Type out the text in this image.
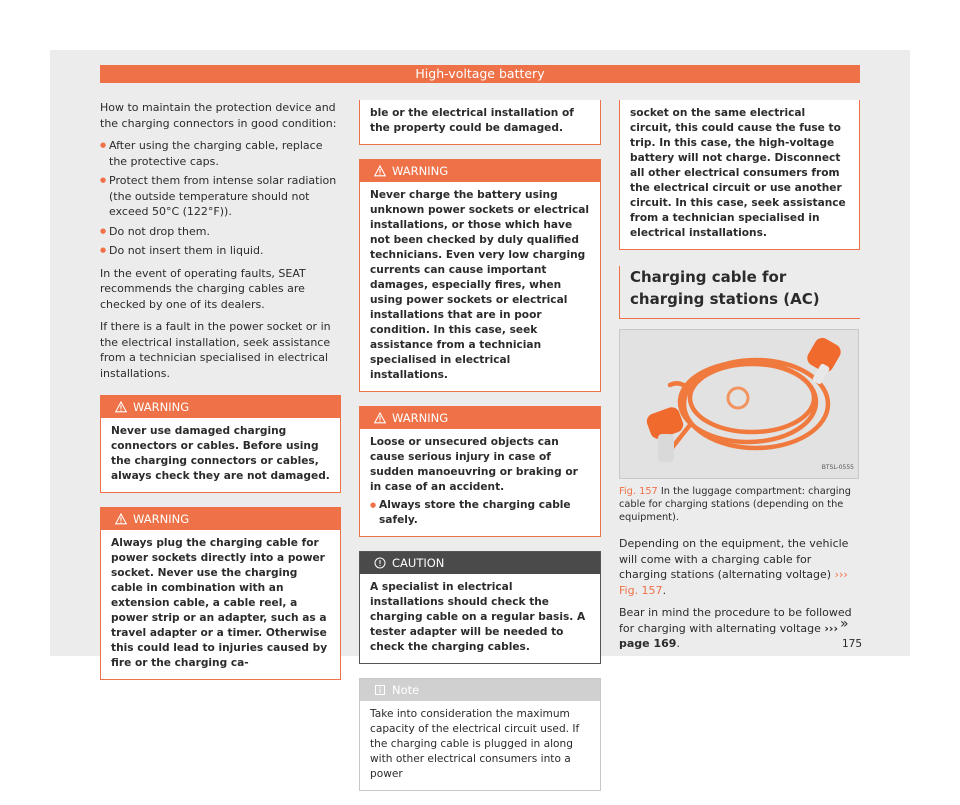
High-voltage battery

How to maintain the protection device and the charging connectors in good condition:

● After using the charging cable, replace the protective caps.
● Protect them from intense solar radiation (the outside temperature should not exceed 50°C (122°F)).
● Do not drop them.
● Do not insert them in liquid.

In the event of operating faults, SEAT recommends the charging cables are checked by one of its dealers.

If there is a fault in the power socket or in the electrical installation, seek assistance from a technician specialised in electrical installations.

WARNING
Never use damaged charging connectors or cables. Before using the charging connectors or cables, always check they are not damaged.
WARNING
Always plug the charging cable for power sockets directly into a power socket. Never use the charging cable in combination with an extension cable, a cable reel, a power strip or an adapter, such as a travel adapter or a timer. Otherwise this could lead to injuries caused by fire or the charging ca-
ble or the electrical installation of the property could be damaged.
WARNING
Never charge the battery using unknown power sockets or electrical installations, or those which have not been checked by duly qualified technicians. Even very low charging currents can cause important damages, especially fires, when using power sockets or electrical installations that are in poor condition. In this case, seek assistance from a technician specialised in electrical installations.
WARNING
Loose or unsecured objects can cause serious injury in case of sudden manoeuvring or braking or in case of an accident.
● Always store the charging cable safely.
CAUTION
A specialist in electrical installations should check the charging cable on a regular basis. A tester adapter will be needed to check the charging cables.
Note
Take into consideration the maximum capacity of the electrical circuit used. If the charging cable is plugged in along with other electrical consumers into a power
socket on the same electrical circuit, this could cause the fuse to trip. In this case, the high-voltage battery will not charge. Disconnect all other electrical consumers from the electrical circuit or use another circuit. In this case, seek assistance from a technician specialised in electrical installations.
Charging cable for charging stations (AC)
BTSL-0555
Fig. 157 In the luggage compartment: charging cable for charging stations (depending on the equipment).

Depending on the equipment, the vehicle will come with a charging cable for charging stations (alternating voltage) ››› Fig. 157.

Bear in mind the procedure to be followed for charging with alternating voltage ››› page 169.

»
175
